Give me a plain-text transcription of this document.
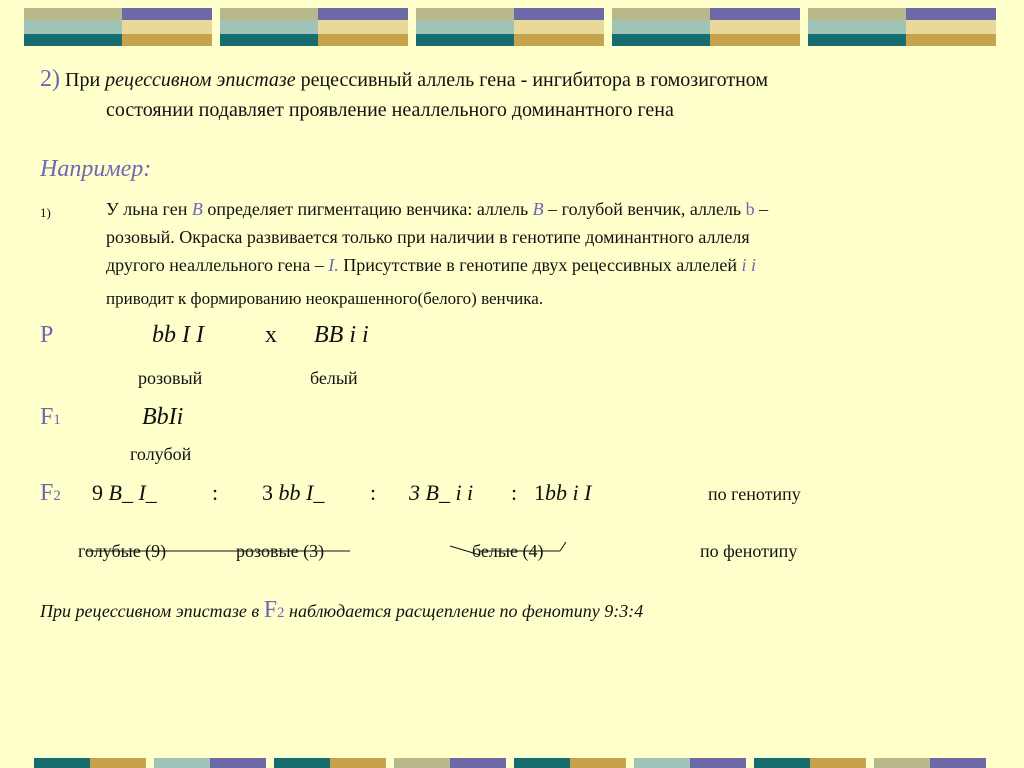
2) При рецессивном эпистазе рецессивный аллель гена - ингибитора в гомозиготном
состоянии подавляет проявление неаллельного доминантного гена
Например:
1)	У льна ген B определяет пигментацию венчика: аллель B – голубой венчик, аллель b –
розовый. Окраска развивается только при наличии в генотипе доминантного аллеля
другого неаллельного гена – I. Присутствие в генотипе двух рецессивных аллелей i i
приводит к формированию неокрашенного(белого) венчика.
P	bb I I	x BB i i
розовый	белый
F1	BbIi
голубой
F2 9 B_ I_	: 3 bb I_ : 3 B_ i i : 1bb i I	по генотипу
голубые (9)	розовые (3)	белые (4)	по фенотипу
При рецессивном эпистазе в F2 наблюдается расщепление по фенотипу 9:3:4
